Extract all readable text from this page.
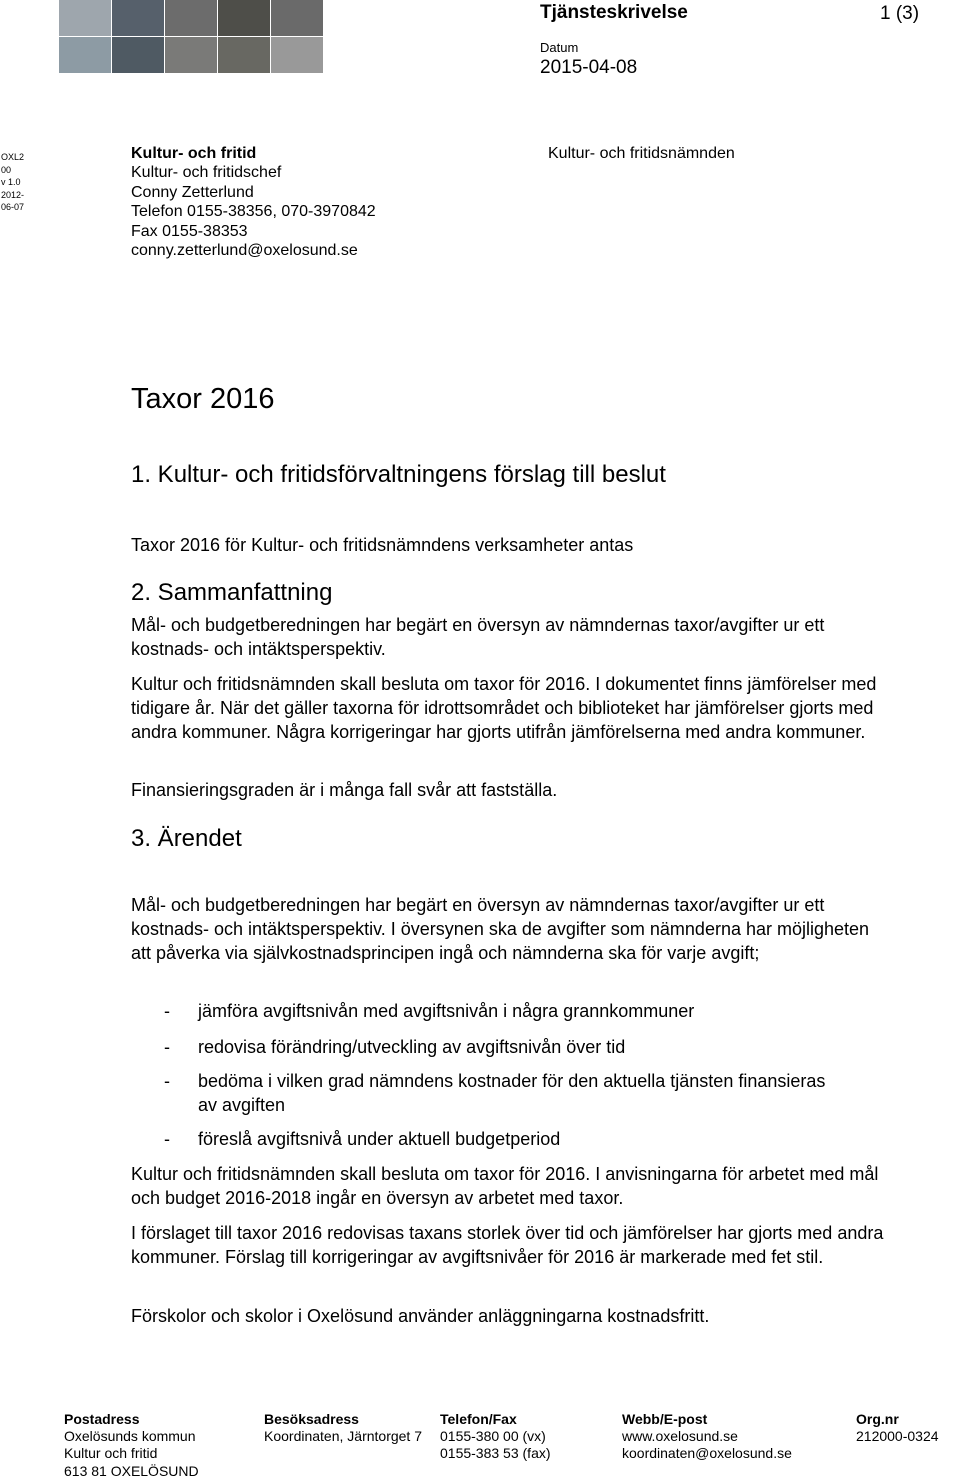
Tjänsteskrivelse	1 (3)
Datum
2015-04-08
OXL2
00
v 1.0
2012-
06-07
Kultur- och fritid
Kultur- och fritidschef
Conny Zetterlund
Telefon 0155-38356, 070-3970842
Fax 0155-38353
conny.zetterlund@oxelosund.se
Kultur- och fritidsnämnden
Taxor 2016
1. Kultur- och fritidsförvaltningens förslag till beslut
Taxor 2016 för Kultur- och fritidsnämndens verksamheter antas
2. Sammanfattning
Mål- och budgetberedningen har begärt en översyn av nämndernas taxor/avgifter ur ett kostnads- och intäktsperspektiv.
Kultur och fritidsnämnden skall besluta om taxor för 2016. I dokumentet finns jämförelser med tidigare år. När det gäller taxorna för idrottsområdet och biblioteket har jämförelser gjorts med andra kommuner. Några korrigeringar har gjorts utifrån jämförelserna med andra kommuner.
Finansieringsgraden är i många fall svår att fastställa.
3. Ärendet
Mål- och budgetberedningen har begärt en översyn av nämndernas taxor/avgifter ur ett kostnads- och intäktsperspektiv. I översynen ska de avgifter som nämnderna har möjligheten att påverka via självkostnadsprincipen ingå och nämnderna ska för varje avgift;
- jämföra avgiftsnivån med avgiftsnivån i några grannkommuner
- redovisa förändring/utveckling av avgiftsnivån över tid
- bedöma i vilken grad nämndens kostnader för den aktuella tjänsten finansieras av avgiften
- föreslå avgiftsnivå under aktuell budgetperiod
Kultur och fritidsnämnden skall besluta om taxor för 2016. I anvisningarna för arbetet med mål och budget 2016-2018 ingår en översyn av arbetet med taxor.
I förslaget till taxor 2016 redovisas taxans storlek över tid och jämförelser har gjorts med andra kommuner. Förslag till korrigeringar av avgiftsnivåer för 2016 är markerade med fet stil.
Förskolor och skolor i Oxelösund använder anläggningarna kostnadsfritt.
Postadress
Oxelösunds kommun
Kultur och fritid
613 81 OXELÖSUND
Besöksadress
Koordinaten, Järntorget 7
Telefon/Fax
0155-380 00 (vx)
0155-383 53 (fax)
Webb/E-post
www.oxelosund.se
koordinaten@oxelosund.se
Org.nr
212000-0324
